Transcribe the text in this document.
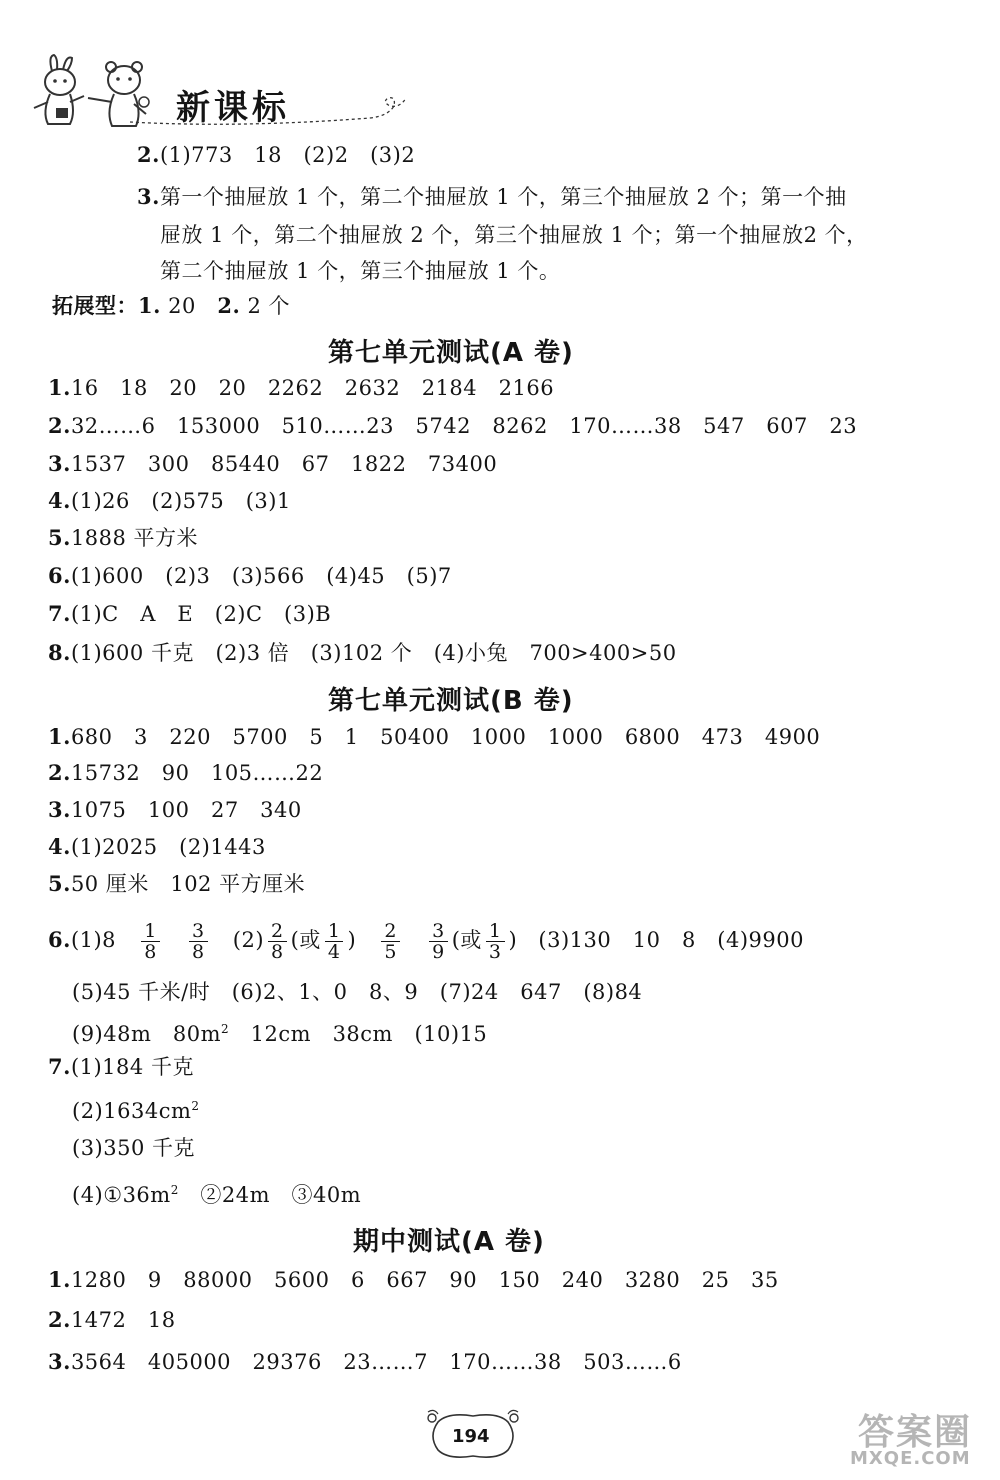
新课标
2.(1)773　18　(2)2　(3)2
3.第一个抽屉放 1 个，第二个抽屉放 1 个，第三个抽屉放 2 个；第一个抽
屉放 1 个，第二个抽屉放 2 个，第三个抽屉放 1 个；第一个抽屉放2 个，
第二个抽屉放 1 个，第三个抽屉放 1 个。
拓展型：1. 20　2. 2 个
第七单元测试(A 卷)
1.16　18　20　20　2262　2632　2184　2166
2.32……6　153000　510……23　5742　8262　170……38　547　607　23
3.1537　300　85440　67　1822　73400
4.(1)26　(2)575　(3)1
5.1888 平方米
6.(1)600　(2)3　(3)566　(4)45　(5)7
7.(1)C　A　E　(2)C　(3)B
8.(1)600 千克　(2)3 倍　(3)102 个　(4)小兔　700>400>50
第七单元测试(B 卷)
1.680　3　220　5700　5　1　50400　1000　1000　6800　473　4900
2.15732　90　105……22
3.1075　100　27　340
4.(1)2025　(2)1443
5.50 厘米　102 平方厘米
$6.(1)8 \frac{1}{8}$
$\frac{3}{8} (2) \frac{2}{8}$ (或 $\frac{1}{4}$ ) $\frac{2}{5}$
$\frac{3}{9}$ (或 $\frac{1}{3}$ ) (3)130　10　8　(4)9900
(5)45 千米/时　(6)2、1、0　8、9　(7)24　647　(8)84
(9)48m　$80m^2$　12cm　38cm　(10)15
7.(1)184 千克
$(2)1634cm^2$
(3)350 千克
$(4)①36m^2$　②24m　③40m
期中测试(A 卷)
1.1280　9　88000　5600　6　667　90　150　240　3280　25　35
2.1472　18
3.3564　405000　29376　23……7　170……38　503……6
194	答案圈
MXQE.COM
